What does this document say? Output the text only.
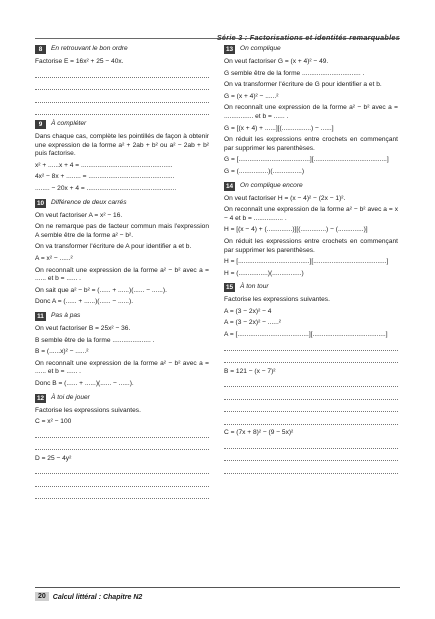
Série 3 : Factorisations et identités remarquables
8	En retrouvant le bon ordre
Factorise E = 16x² + 25 − 40x.
9	À compléter
Dans chaque cas, complète les pointillés de façon à obtenir une expression de la forme a² + 2ab + b² ou a² − 2ab + b² puis factorise.
x² + ......x + 4 = ..................................................
4x² − 8x + ........ = ...............................................
........ − 20x + 4 = .................................................
10 Différence de deux carrés
On veut factoriser A = x² − 16.
On ne remarque pas de facteur commun mais l'expression A semble être de la forme a² − b².
On va transformer l'écriture de A pour identifier a et b.
A = x² − ......²
On reconnaît une expression de la forme a² − b² avec a = ...... et b = ...... .
On sait que a² − b² = (...... + ......)(...... − ......).
Donc A = (...... + ......)(...... − ......).
11	Pas à pas
On veut factoriser B = 25x² − 36.
B semble être de la forme ..................... .
B = (......x)² − ......²
On reconnaît une expression de la forme a² − b² avec a = ...... et b = ...... .
Donc B = (...... + ......)(...... − ......).
12 À toi de jouer
Factorise les expressions suivantes.
C = x² − 100
D = 25 − 4y²
13 On complique
On veut factoriser G = (x + 4)² − 49.
G semble être de la forme ................................ .
On va transformer l'écriture de G pour identifier a et b.
G = (x + 4)² − ......²
On reconnaît une expression de la forme a² − b² avec a = ................ et b = ...... .
G = [(x + 4) + ......][(................) − ......]
On réduit les expressions entre crochets en commençant par supprimer les parenthèses.
G = [.......................................][........................................]
G = (................)(................)
14 On complique encore
On veut factoriser H = (x − 4)² − (2x − 1)².
On reconnaît une expression de la forme a² − b² avec a = x − 4 et b = ................ .
H = [(x − 4) + (..............)][(..............) − (..............)]
On réduit les expressions entre crochets en commençant par supprimer les parenthèses.
H = [.......................................][........................................]
H = (................)(................)
15 À ton tour
Factorise les expressions suivantes.
A = (3 − 2x)² − 4
A = (3 − 2x)² − ......²
A = [.......................................][........................................]
B = 121 − (x − 7)²
C = (7x + 8)² − (9 − 5x)²
20	Calcul littéral : Chapitre N2
